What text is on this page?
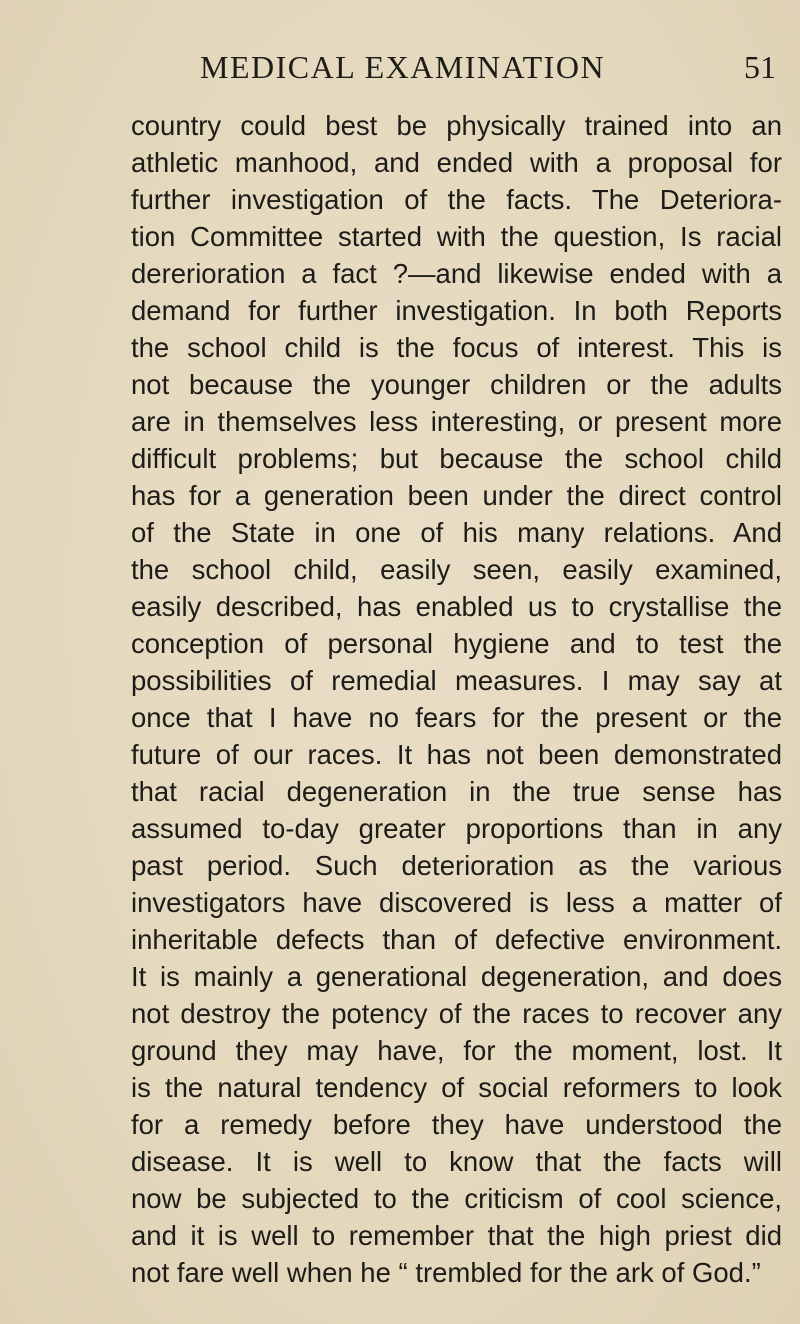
MEDICAL EXAMINATION	51
country could best be physically trained into an
athletic manhood, and ended with a proposal for
further investigation of the facts. The Deteriora-
tion Committee started with the question, Is racial
dererioration a fact ?—and likewise ended with a
demand for further investigation. In both Reports
the school child is the focus of interest. This is
not because the younger children or the adults
are in themselves less interesting, or present more
difficult problems; but because the school child
has for a generation been under the direct control
of the State in one of his many relations. And
the school child, easily seen, easily examined,
easily described, has enabled us to crystallise the
conception of personal hygiene and to test the
possibilities of remedial measures. I may say at
once that I have no fears for the present or the
future of our races. It has not been demonstrated
that racial degeneration in the true sense has
assumed to-day greater proportions than in any
past period. Such deterioration as the various
investigators have discovered is less a matter of
inheritable defects than of defective environment.
It is mainly a generational degeneration, and does
not destroy the potency of the races to recover any
ground they may have, for the moment, lost. It
is the natural tendency of social reformers to look
for a remedy before they have understood the
disease. It is well to know that the facts will
now be subjected to the criticism of cool science,
and it is well to remember that the high priest did
not fare well when he “ trembled for the ark of God.”
